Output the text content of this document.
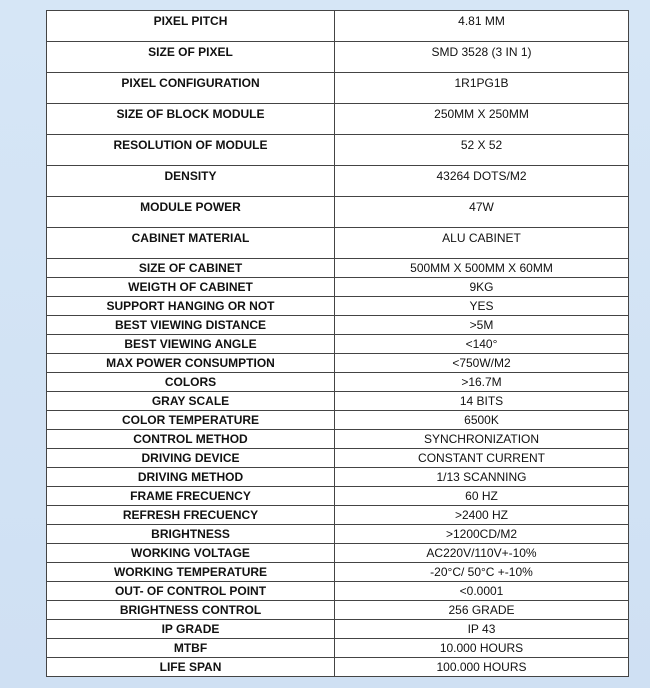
PIXEL PITCH	4.81 MM
SIZE OF PIXEL	SMD 3528 (3 IN 1)
PIXEL CONFIGURATION	1R1PG1B
SIZE OF BLOCK MODULE	250MM X 250MM
RESOLUTION OF MODULE	52 X 52
DENSITY	43264 DOTS/M2
MODULE POWER	47W
CABINET MATERIAL	ALU CABINET
SIZE OF CABINET	500MM X 500MM X 60MM
WEIGTH OF CABINET	9KG
SUPPORT HANGING OR NOT	YES
BEST VIEWING DISTANCE	>5M
BEST VIEWING ANGLE	<140°
MAX POWER CONSUMPTION	<750W/M2
COLORS	>16.7M
GRAY SCALE	14 BITS
COLOR TEMPERATURE	6500K
CONTROL METHOD	SYNCHRONIZATION
DRIVING DEVICE	CONSTANT CURRENT
DRIVING METHOD	1/13 SCANNING
FRAME FRECUENCY	60 HZ
REFRESH FRECUENCY	>2400 HZ
BRIGHTNESS	>1200CD/M2
WORKING VOLTAGE	AC220V/110V+-10%
WORKING TEMPERATURE	-20°C/ 50°C +-10%
OUT- OF CONTROL POINT	<0.0001
BRIGHTNESS CONTROL	256 GRADE
IP GRADE	IP 43
MTBF	10.000 HOURS
LIFE SPAN	100.000 HOURS
